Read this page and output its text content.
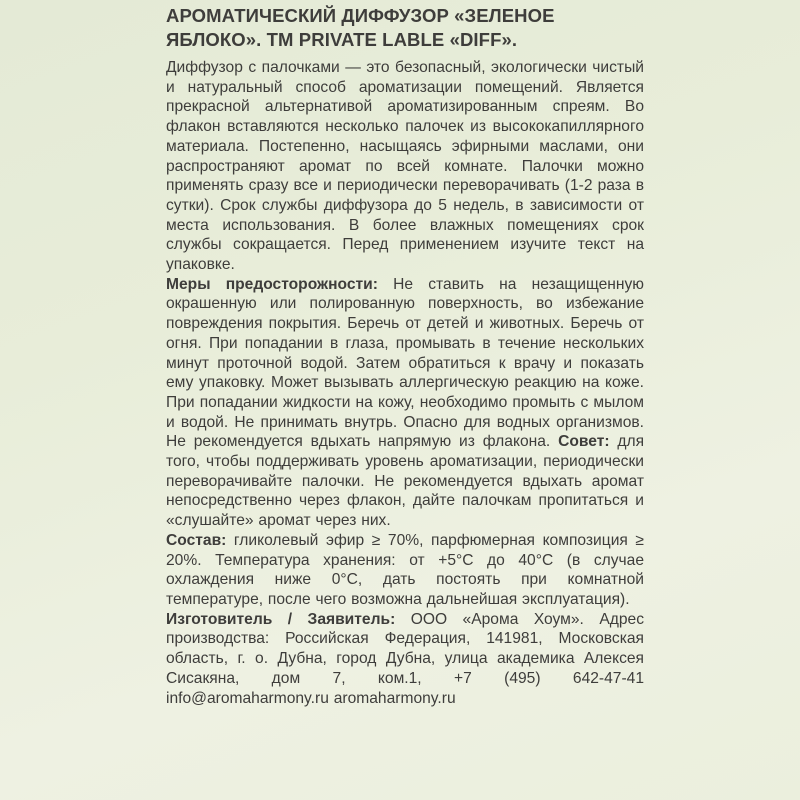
АРОМАТИЧЕСКИЙ ДИФФУЗОР «ЗЕЛЕНОЕ ЯБЛОКО». ТМ PRIVATE LABLE «DIFF».

Диффузор с палочками — это безопасный, экологически чистый и натуральный способ ароматизации помещений. Является прекрасной альтернативой ароматизированным спреям. Во флакон вставляются несколько палочек из высококапиллярного материала. Постепенно, насыщаясь эфирными маслами, они распространяют аромат по всей комнате. Палочки можно применять сразу все и периодически переворачивать (1-2 раза в сутки). Срок службы диффузора до 5 недель, в зависимости от места использования. В более влажных помещениях срок службы сокращается. Перед применением изучите текст на упаковке.

Меры предосторожности: Не ставить на незащищенную окрашенную или полированную поверхность, во избежание повреждения покрытия. Беречь от детей и животных. Беречь от огня. При попадании в глаза, промывать в течение нескольких минут проточной водой. Затем обратиться к врачу и показать ему упаковку. Может вызывать аллергическую реакцию на коже. При попадании жидкости на кожу, необходимо промыть с мылом и водой. Не принимать внутрь. Опасно для водных организмов. Не рекомендуется вдыхать напрямую из флакона. Совет: для того, чтобы поддерживать уровень ароматизации, периодически переворачивайте палочки. Не рекомендуется вдыхать аромат непосредственно через флакон, дайте палочкам пропитаться и «слушайте» аромат через них.

Состав: гликолевый эфир ≥ 70%, парфюмерная композиция ≥ 20%. Температура хранения: от +5°С до 40°С (в случае охлаждения ниже 0°С, дать постоять при комнатной температуре, после чего возможна дальнейшая эксплуатация).

Изготовитель / Заявитель: ООО «Арома Хоум». Адрес производства: Российская Федерация, 141981, Московская область, г. о. Дубна, город Дубна, улица академика Алексея Сисакяна, дом 7, ком.1, +7 (495) 642-47-41 info@aromaharmony.ru aromaharmony.ru
